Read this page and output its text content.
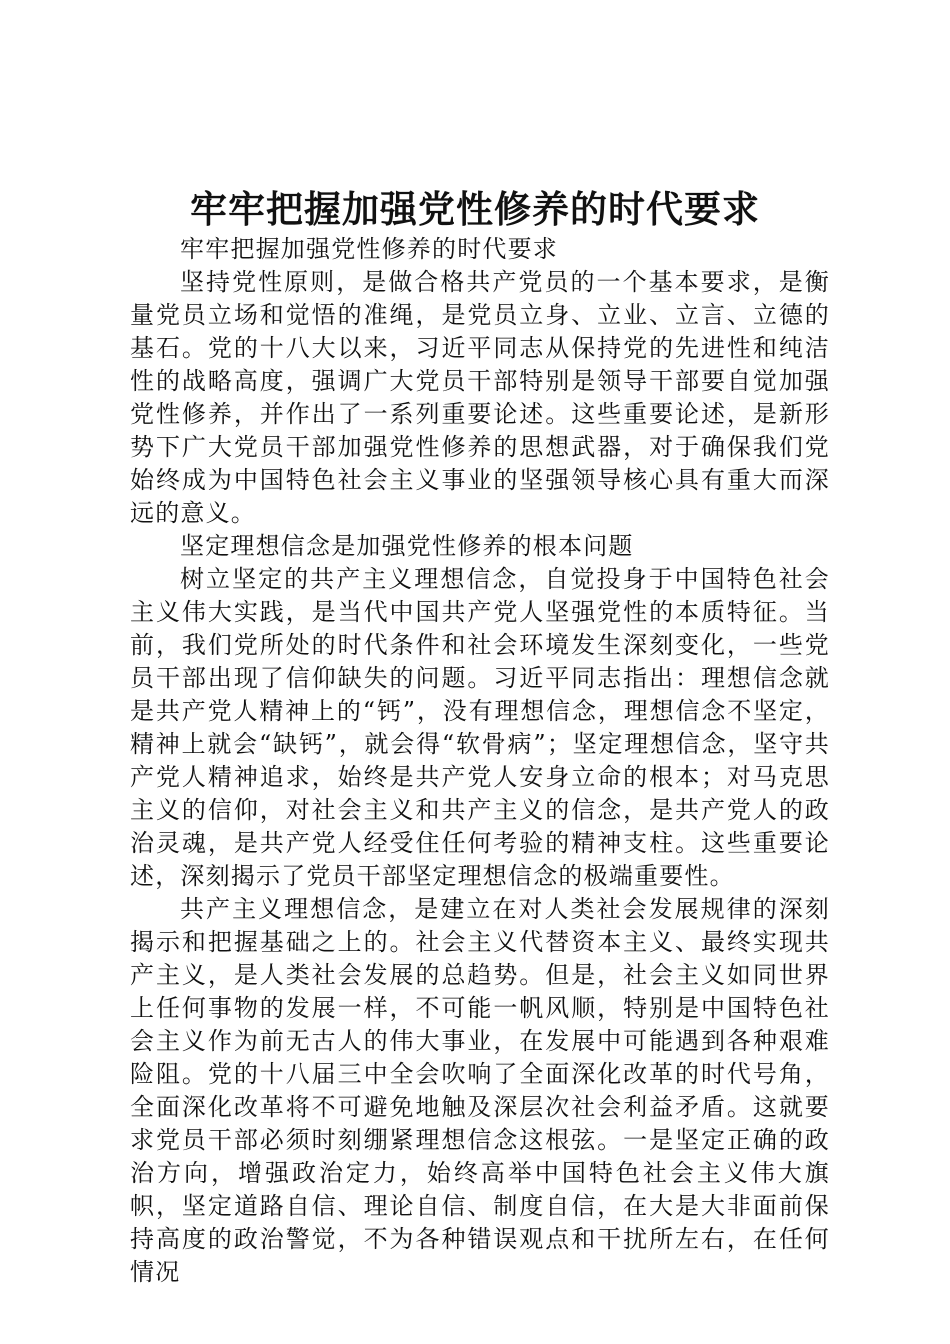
牢牢把握加强党性修养的时代要求

牢牢把握加强党性修养的时代要求

坚持党性原则，是做合格共产党员的一个基本要求，是衡量党员立场和觉悟的准绳，是党员立身、立业、立言、立德的基石。党的十八大以来，习近平同志从保持党的先进性和纯洁性的战略高度，强调广大党员干部特别是领导干部要自觉加强党性修养，并作出了一系列重要论述。这些重要论述，是新形势下广大党员干部加强党性修养的思想武器，对于确保我们党始终成为中国特色社会主义事业的坚强领导核心具有重大而深远的意义。

坚定理想信念是加强党性修养的根本问题

树立坚定的共产主义理想信念，自觉投身于中国特色社会主义伟大实践，是当代中国共产党人坚强党性的本质特征。当前，我们党所处的时代条件和社会环境发生深刻变化，一些党员干部出现了信仰缺失的问题。习近平同志指出：理想信念就是共产党人精神上的“钙”，没有理想信念，理想信念不坚定，精神上就会“缺钙”，就会得“软骨病”；坚定理想信念，坚守共产党人精神追求，始终是共产党人安身立命的根本；对马克思主义的信仰，对社会主义和共产主义的信念，是共产党人的政治灵魂，是共产党人经受住任何考验的精神支柱。这些重要论述，深刻揭示了党员干部坚定理想信念的极端重要性。

共产主义理想信念，是建立在对人类社会发展规律的深刻揭示和把握基础之上的。社会主义代替资本主义、最终实现共产主义，是人类社会发展的总趋势。但是，社会主义如同世界上任何事物的发展一样，不可能一帆风顺，特别是中国特色社会主义作为前无古人的伟大事业，在发展中可能遇到各种艰难险阻。党的十八届三中全会吹响了全面深化改革的时代号角，全面深化改革将不可避免地触及深层次社会利益矛盾。这就要求党员干部必须时刻绷紧理想信念这根弦。一是坚定正确的政治方向，增强政治定力，始终高举中国特色社会主义伟大旗帜，坚定道路自信、理论自信、制度自信，在大是大非面前保持高度的政治警觉，不为各种错误观点和干扰所左右，在任何情况
